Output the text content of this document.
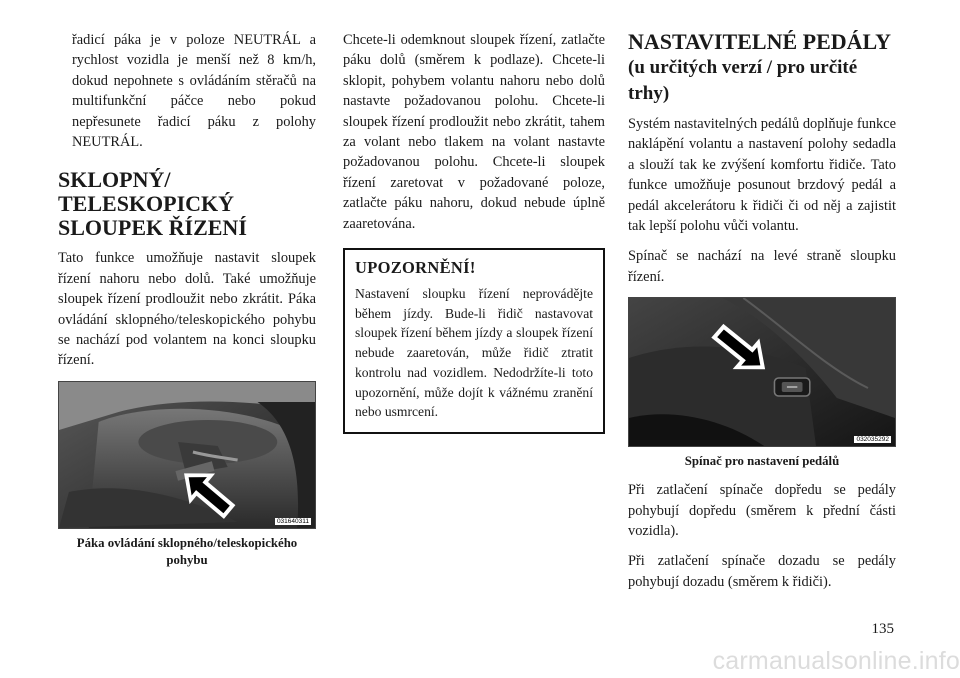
řadicí páka je v poloze NEUTRÁL a rychlost vozidla je menší než 8 km/h, dokud nepohnete s ovládáním stěračů na multifunkční páčce nebo pokud nepřesunete řadicí páku z polohy NEUTRÁL.

SKLOPNÝ/ TELESKOPICKÝ SLOUPEK ŘÍZENÍ

Tato funkce umožňuje nastavit sloupek řízení nahoru nebo dolů. Také umožňuje sloupek řízení prodloužit nebo zkrátit. Páka ovládání sklopného/teleskopického pohybu se nachází pod volantem na konci sloupku řízení.

031640311
Páka ovládání sklopného/teleskopického pohybu

Chcete-li odemknout sloupek řízení, zatlačte páku dolů (směrem k podlaze). Chcete-li sklopit, pohybem volantu nahoru nebo dolů nastavte požadovanou polohu. Chcete-li sloupek řízení prodloužit nebo zkrátit, tahem za volant nebo tlakem na volant nastavte požadovanou polohu. Chcete-li sloupek řízení zaretovat v požadované poloze, zatlačte páku nahoru, dokud nebude úplně zaaretována.

UPOZORNĚNÍ!

Nastavení sloupku řízení neprovádějte během jízdy. Bude-li řidič nastavovat sloupek řízení během jízdy a sloupek řízení nebude zaaretován, může řidič ztratit kontrolu nad vozidlem. Nedodržíte-li toto upozornění, může dojít k vážnému zranění nebo usmrcení.

NASTAVITELNÉ PEDÁLY (u určitých verzí / pro určité trhy)

Systém nastavitelných pedálů doplňuje funkce naklápění volantu a nastavení polohy sedadla a slouží tak ke zvýšení komfortu řidiče. Tato funkce umožňuje posunout brzdový pedál a pedál akcelerátoru k řidiči či od něj a zajistit tak lepší polohu vůči volantu.

Spínač se nachází na levé straně sloupku řízení.

032035292
Spínač pro nastavení pedálů

Při zatlačení spínače dopředu se pedály pohybují dopředu (směrem k přední části vozidla).

Při zatlačení spínače dozadu se pedály pohybují dozadu (směrem k řidiči).

135
carmanualsonline.info
